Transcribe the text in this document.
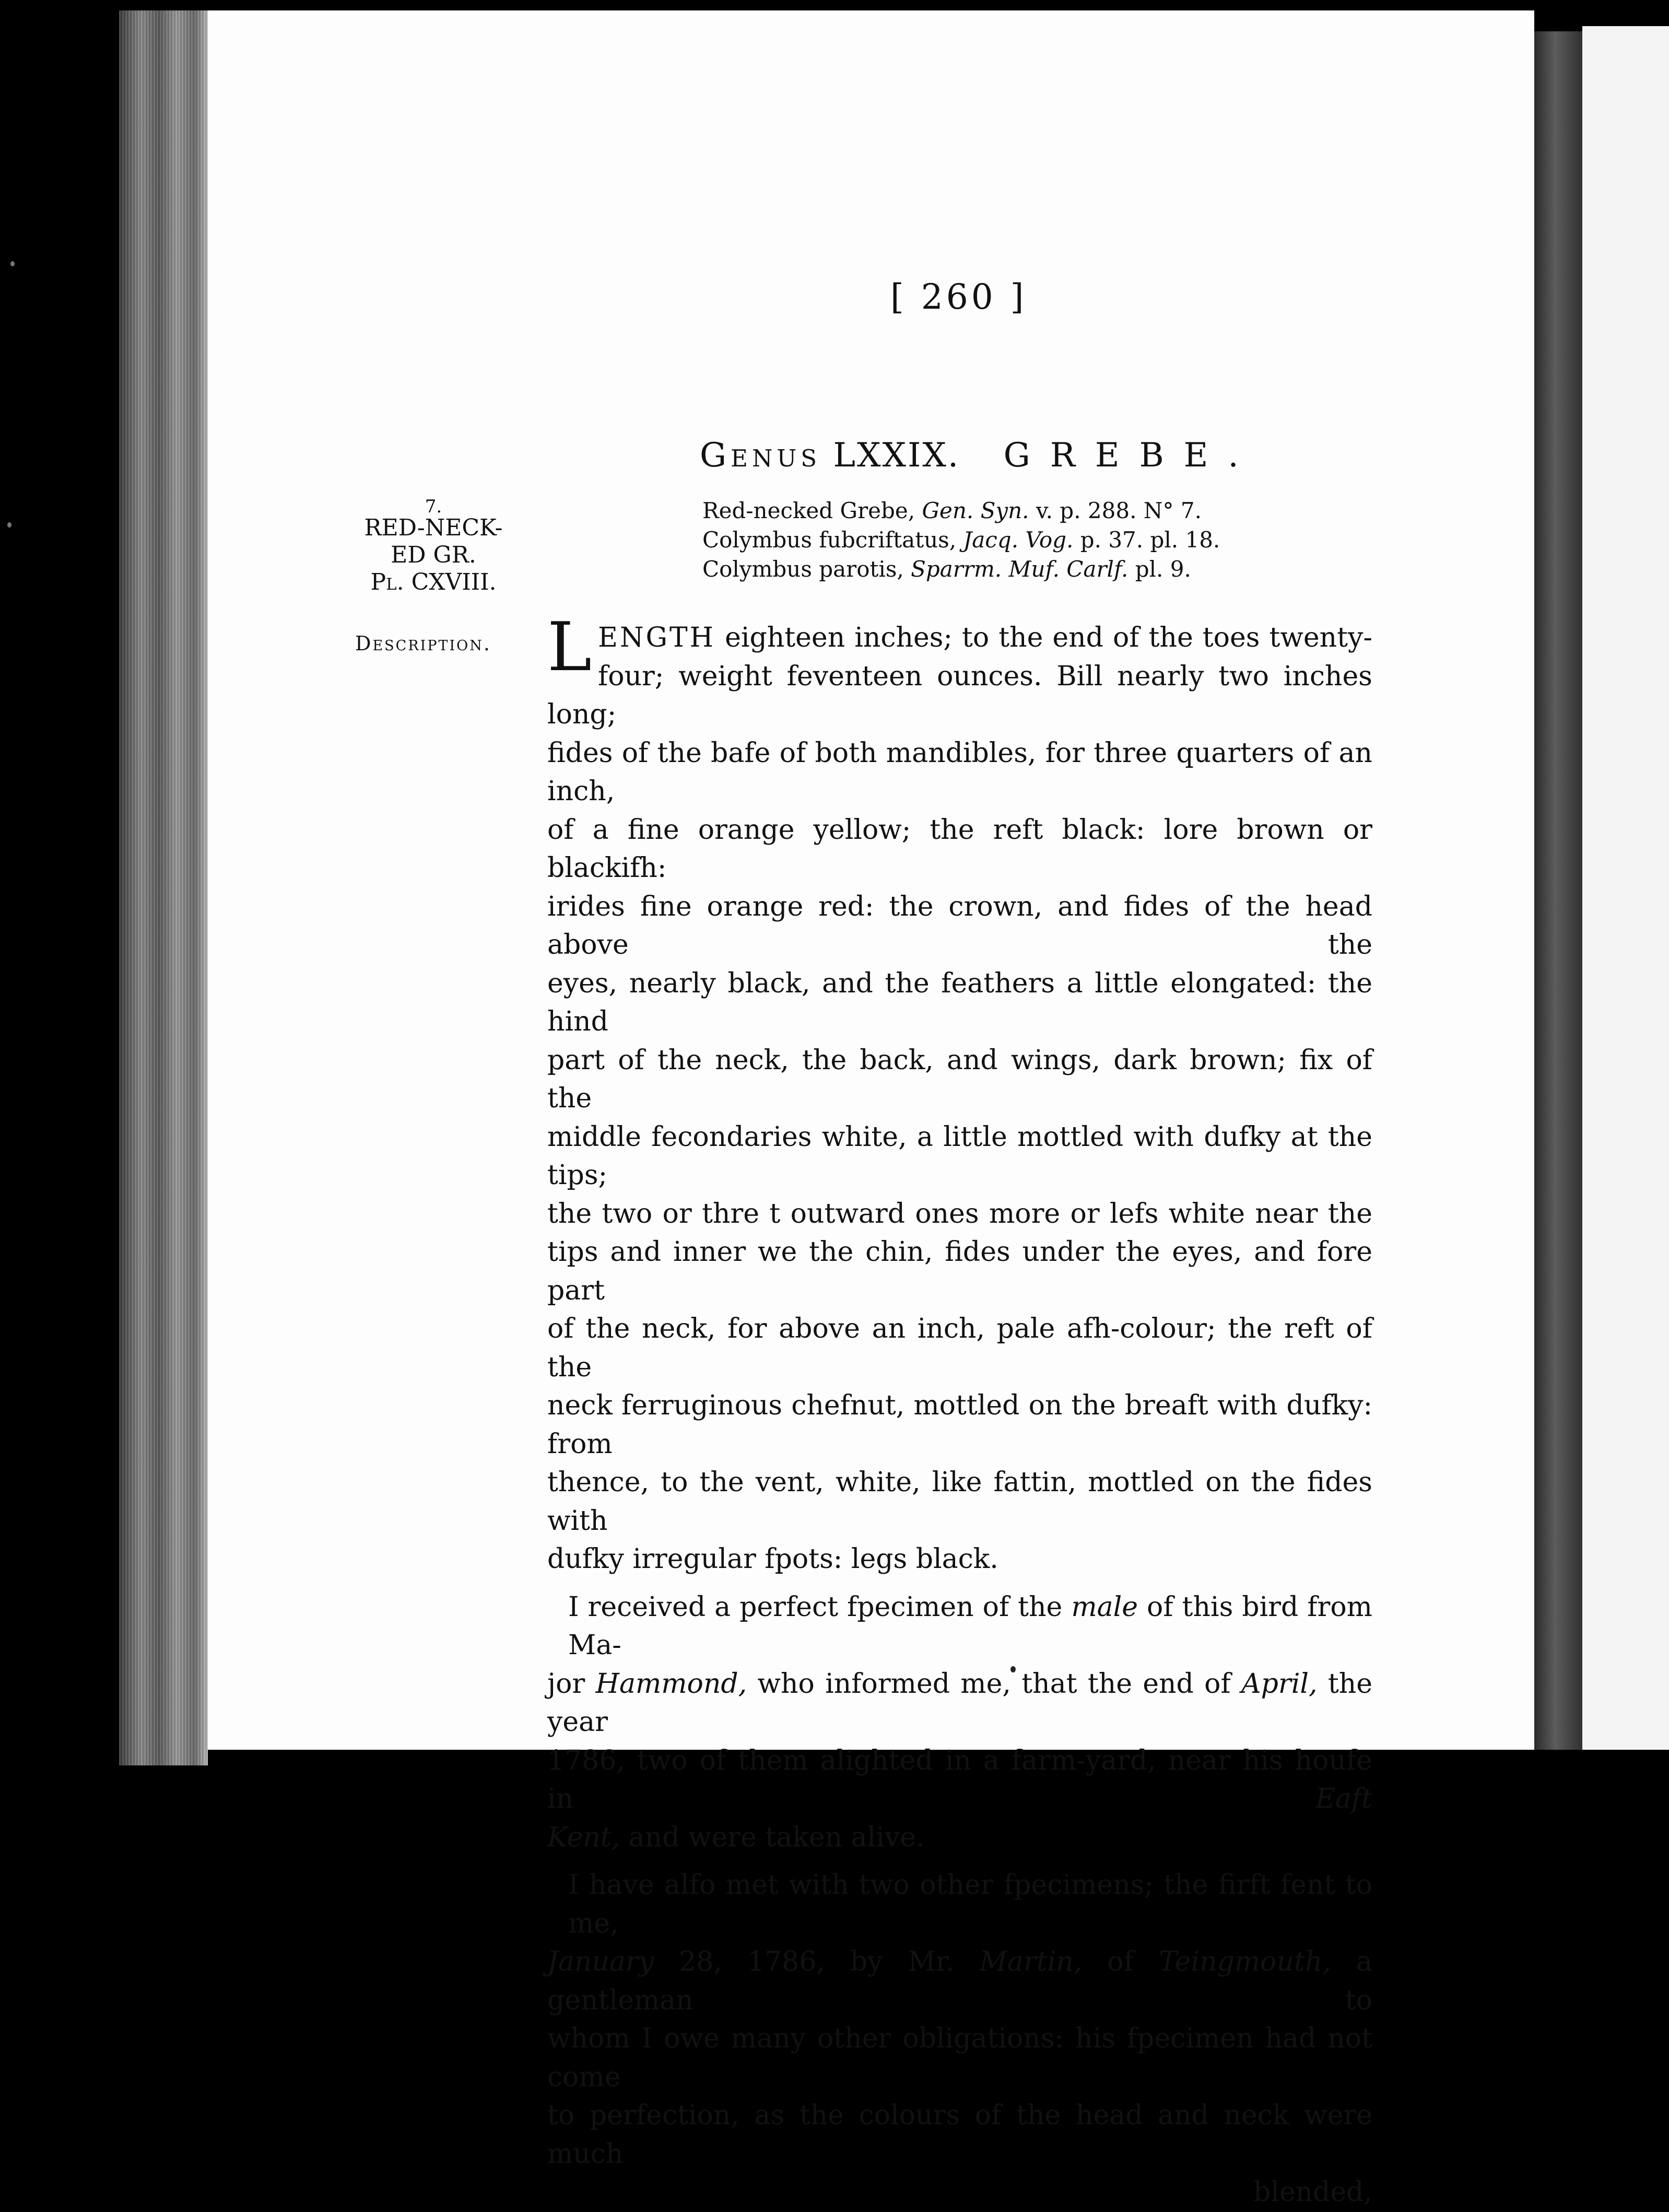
[ 260 ]
Genus LXXIX. GREBE.
Red-necked Grebe, Gen. Syn. v. p. 288. N° 7.
Colymbus fubcriftatus, Jacq. Vog. p. 37. pl. 18.
Colymbus parotis, Sparrm. Muf. Carlf. pl. 9.
7.
RED-NECK-
ED GR.
Pl. CXVIII.
Description. L ENGTH eighteen inches; to the end of the toes twenty-
four; weight feventeen ounces. Bill nearly two inches long;
fides of the bafe of both mandibles, for three quarters of an inch,
of a fine orange yellow; the reft black: lore brown or blackifh:
irides fine orange red: the crown, and fides of the head above the
eyes, nearly black, and the feathers a little elongated: the hind
part of the neck, the back, and wings, dark brown; fix of the
middle fecondaries white, a little mottled with dufky at the tips;
the two or thre t outward ones more or lefs white near the
tips and inner we the chin, fides under the eyes, and fore part
of the neck, for above an inch, pale afh-colour; the reft of the
neck ferruginous chefnut, mottled on the breaft with dufky: from
thence, to the vent, white, like fattin, mottled on the fides with
dufky irregular fpots: legs black.
I received a perfect fpecimen of the male of this bird from Ma-
jor Hammond, who informed me, that the end of April, the year
1786, two of them alighted in a farm-yard, near his houfe in Eaft
Kent, and were taken alive.
I have alfo met with two other fpecimens; the firft fent to me,
January 28, 1786, by Mr. Martin, of Teingmouth, a gentleman to
whom I owe many other obligations: his fpecimen had not come
to perfection, as the colours of the head and neck were much
blended,
